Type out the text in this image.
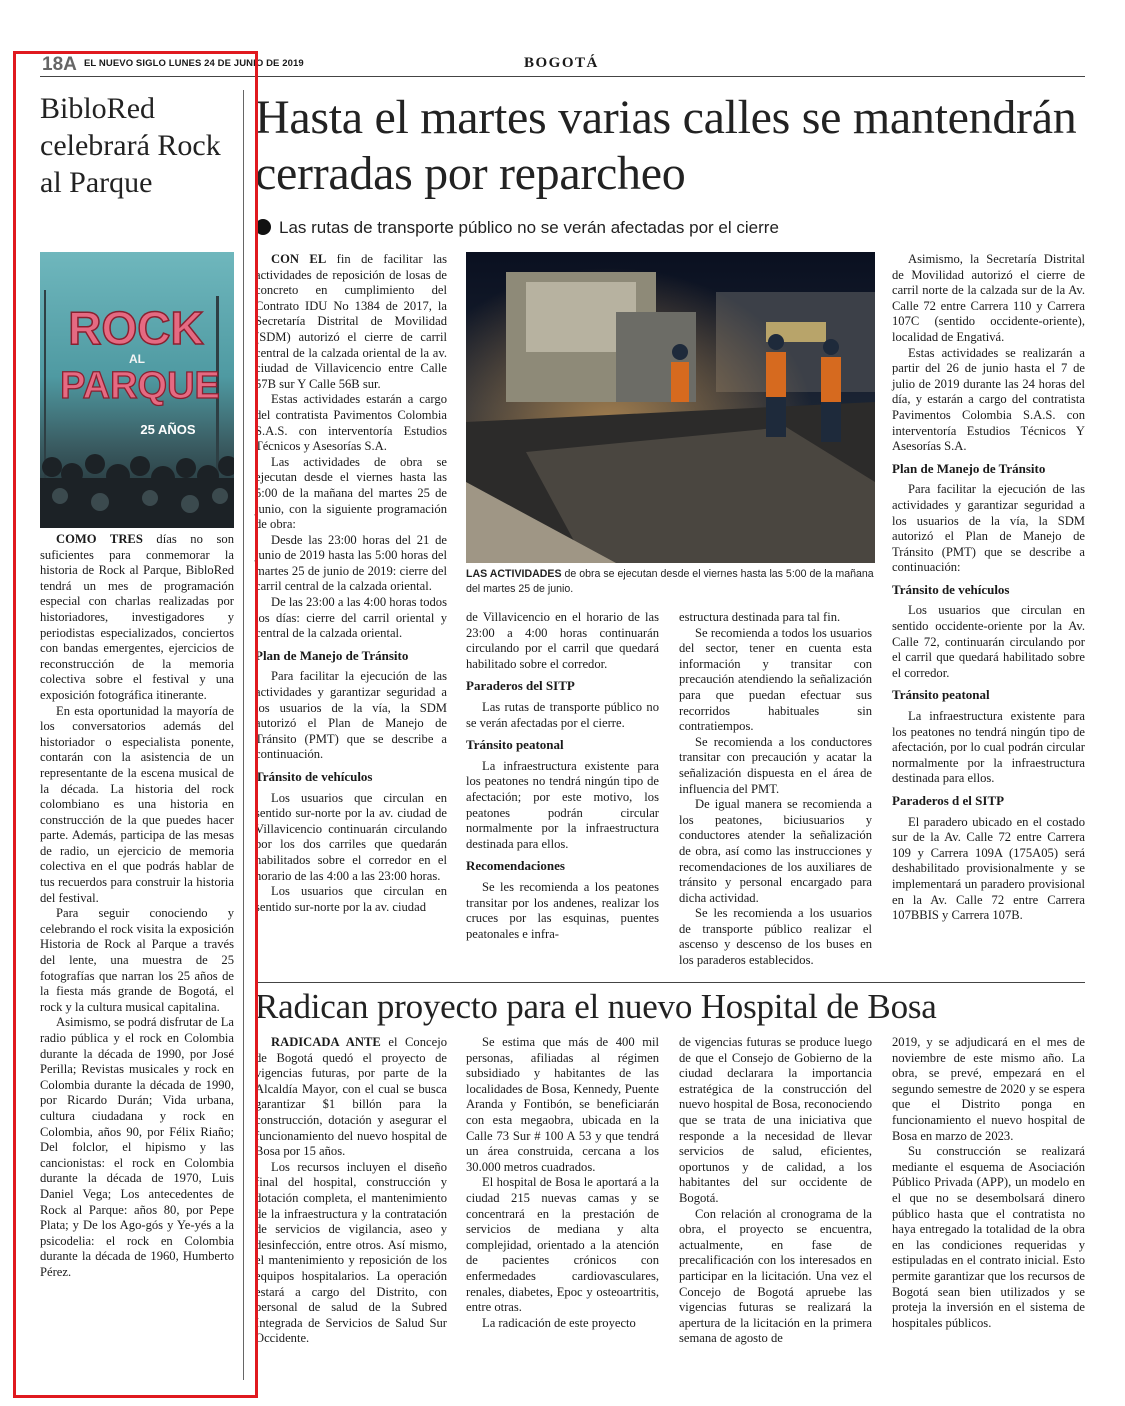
18A EL NUEVO SIGLO LUNES 24 DE JUNIO DE 2019	BOGOTÁ
BibloRed celebrará Rock al Parque
ROCK
AL
PARQUE
25 AÑOS

COMO TRES días no son suficientes para conmemorar la historia de Rock al Parque, BibloRed tendrá un mes de programación especial con charlas realizadas por historiadores, investigadores y periodistas especializados, conciertos con bandas emergentes, ejercicios de reconstrucción de la memoria colectiva sobre el festival y una exposición fotográfica itinerante.

En esta oportunidad la mayoría de los conversatorios además del historiador o especialista ponente, contarán con la asistencia de un representante de la escena musical de la década. La historia del rock colombiano es una historia en construcción de la que puedes hacer parte. Además, participa de las mesas de radio, un ejercicio de memoria colectiva en el que podrás hablar de tus recuerdos para construir la historia del festival.

Para seguir conociendo y celebrando el rock visita la exposición Historia de Rock al Parque a través del lente, una muestra de 25 fotografías que narran los 25 años de la fiesta más grande de Bogotá, el rock y la cultura musical capitalina.

Asimismo, se podrá disfrutar de La radio pública y el rock en Colombia durante la década de 1990, por José Perilla; Revistas musicales y rock en Colombia durante la década de 1990, por Ricardo Durán; Vida urbana, cultura ciudadana y rock en Colombia, años 90, por Félix Riaño; Del folclor, el hipismo y las cancionistas: el rock en Colombia durante la década de 1970, Luis Daniel Vega; Los antecedentes de Rock al Parque: años 80, por Pepe Plata; y De los Ago-gós y Ye-yés a la psicodelia: el rock en Colombia durante la década de 1960, Humberto Pérez.

Hasta el martes varias calles se mantendrán cerradas por reparcheo
Las rutas de transporte público no se verán afectadas por el cierre

CON EL fin de facilitar las actividades de reposición de losas de concreto en cumplimiento del Contrato IDU No 1384 de 2017, la Secretaría Distrital de Movilidad (SDM) autorizó el cierre de carril central de la calzada oriental de la av. ciudad de Villavicencio entre Calle 57B sur Y Calle 56B sur.

Estas actividades estarán a cargo del contratista Pavimentos Colombia S.A.S. con interventoría Estudios Técnicos y Asesorías S.A.

Las actividades de obra se ejecutan desde el viernes hasta las 5:00 de la mañana del martes 25 de junio, con la siguiente programación de obra:

Desde las 23:00 horas del 21 de junio de 2019 hasta las 5:00 horas del martes 25 de junio de 2019: cierre del carril central de la calzada oriental.

De las 23:00 a las 4:00 horas todos los días: cierre del carril oriental y central de la calzada oriental.

Plan de Manejo de Tránsito

Para facilitar la ejecución de las actividades y garantizar seguridad a los usuarios de la vía, la SDM autorizó el Plan de Manejo de Tránsito (PMT) que se describe a continuación.

Tránsito de vehículos

Los usuarios que circulan en sentido sur-norte por la av. ciudad de Villavicencio continuarán circulando por los dos carriles que quedarán habilitados sobre el corredor en el horario de las 4:00 a las 23:00 horas.

Los usuarios que circulan en sentido sur-norte por la av. ciudad

LAS ACTIVIDADES de obra se ejecutan desde el viernes hasta las 5:00 de la mañana del martes 25 de junio.

de Villavicencio en el horario de las 23:00 a 4:00 horas continuarán circulando por el carril que quedará habilitado sobre el corredor.

Paraderos del SITP

Las rutas de transporte público no se verán afectadas por el cierre.

Tránsito peatonal

La infraestructura existente para los peatones no tendrá ningún tipo de afectación; por este motivo, los peatones podrán circular normalmente por la infraestructura destinada para ellos.

Recomendaciones

Se les recomienda a los peatones transitar por los andenes, realizar los cruces por las esquinas, puentes peatonales e infra-

estructura destinada para tal fin.

Se recomienda a todos los usuarios del sector, tener en cuenta esta información y transitar con precaución atendiendo la señalización para que puedan efectuar sus recorridos habituales sin contratiempos.

Se recomienda a los conductores transitar con precaución y acatar la señalización dispuesta en el área de influencia del PMT.

De igual manera se recomienda a los peatones, biciusuarios y conductores atender la señalización de obra, así como las instrucciones y recomendaciones de los auxiliares de tránsito y personal encargado para dicha actividad.

Se les recomienda a los usuarios de transporte público realizar el ascenso y descenso de los buses en los paraderos establecidos.

Asimismo, la Secretaría Distrital de Movilidad autorizó el cierre de carril norte de la calzada sur de la Av. Calle 72 entre Carrera 110 y Carrera 107C (sentido occidente-oriente), localidad de Engativá.

Estas actividades se realizarán a partir del 26 de junio hasta el 7 de julio de 2019 durante las 24 horas del día, y estarán a cargo del contratista Pavimentos Colombia S.A.S. con interventoría Estudios Técnicos Y Asesorías S.A.

Plan de Manejo de Tránsito

Para facilitar la ejecución de las actividades y garantizar seguridad a los usuarios de la vía, la SDM autorizó el Plan de Manejo de Tránsito (PMT) que se describe a continuación:

Tránsito de vehículos

Los usuarios que circulan en sentido occidente-oriente por la Av. Calle 72, continuarán circulando por el carril que quedará habilitado sobre el corredor.

Tránsito peatonal

La infraestructura existente para los peatones no tendrá ningún tipo de afectación, por lo cual podrán circular normalmente por la infraestructura destinada para ellos.

Paraderos d el SITP

El paradero ubicado en el costado sur de la Av. Calle 72 entre Carrera 109 y Carrera 109A (175A05) será deshabilitado provisionalmente y se implementará un paradero provisional en la Av. Calle 72 entre Carrera 107BBIS y Carrera 107B.

Radican proyecto para el nuevo Hospital de Bosa

RADICADA ANTE el Concejo de Bogotá quedó el proyecto de vigencias futuras, por parte de la Alcaldía Mayor, con el cual se busca garantizar $1 billón para la construcción, dotación y asegurar el funcionamiento del nuevo hospital de Bosa por 15 años.

Los recursos incluyen el diseño final del hospital, construcción y dotación completa, el mantenimiento de la infraestructura y la contratación de servicios de vigilancia, aseo y desinfección, entre otros. Así mismo, el mantenimiento y reposición de los equipos hospitalarios. La operación estará a cargo del Distrito, con personal de salud de la Subred Integrada de Servicios de Salud Sur Occidente.

Se estima que más de 400 mil personas, afiliadas al régimen subsidiado y habitantes de las localidades de Bosa, Kennedy, Puente Aranda y Fontibón, se beneficiarán con esta megaobra, ubicada en la Calle 73 Sur # 100 A 53 y que tendrá un área construida, cercana a los 30.000 metros cuadrados.

El hospital de Bosa le aportará a la ciudad 215 nuevas camas y se concentrará en la prestación de servicios de mediana y alta complejidad, orientado a la atención de pacientes crónicos con enfermedades cardiovasculares, renales, diabetes, Epoc y osteoartritis, entre otras.

La radicación de este proyecto

de vigencias futuras se produce luego de que el Consejo de Gobierno de la ciudad declarara la importancia estratégica de la construcción del nuevo hospital de Bosa, reconociendo que se trata de una iniciativa que responde a la necesidad de llevar servicios de salud, eficientes, oportunos y de calidad, a los habitantes del sur occidente de Bogotá.

Con relación al cronograma de la obra, el proyecto se encuentra, actualmente, en fase de precalificación con los interesados en participar en la licitación. Una vez el Concejo de Bogotá apruebe las vigencias futuras se realizará la apertura de la licitación en la primera semana de agosto de

2019, y se adjudicará en el mes de noviembre de este mismo año. La obra, se prevé, empezará en el segundo semestre de 2020 y se espera que el Distrito ponga en funcionamiento el nuevo hospital de Bosa en marzo de 2023.

Su construcción se realizará mediante el esquema de Asociación Público Privada (APP), un modelo en el que no se desembolsará dinero público hasta que el contratista no haya entregado la totalidad de la obra en las condiciones requeridas y estipuladas en el contrato inicial. Esto permite garantizar que los recursos de Bogotá sean bien utilizados y se proteja la inversión en el sistema de hospitales públicos.
